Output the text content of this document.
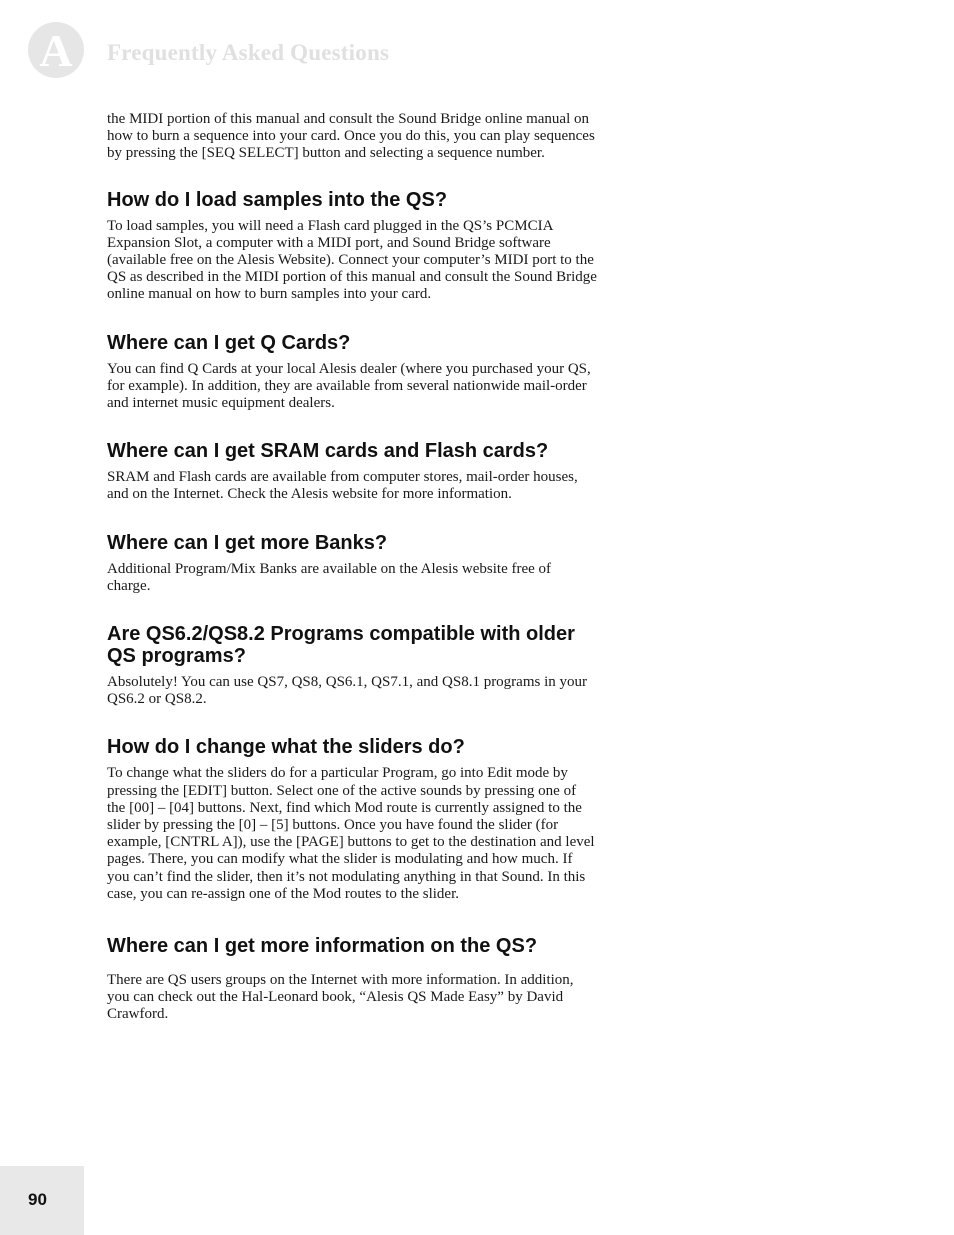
A Frequently Asked Questions

the MIDI portion of this manual and consult the Sound Bridge online manual on how to burn a sequence into your card. Once you do this, you can play sequences by pressing the [SEQ SELECT] button and selecting a sequence number.

How do I load samples into the QS?

To load samples, you will need a Flash card plugged in the QS’s PCMCIA Expansion Slot, a computer with a MIDI port, and Sound Bridge software (available free on the Alesis Website). Connect your computer’s MIDI port to the QS as described in the MIDI portion of this manual and consult the Sound Bridge online manual on how to burn samples into your card.

Where can I get Q Cards?

You can find Q Cards at your local Alesis dealer (where you purchased your QS, for example). In addition, they are available from several nationwide mail-order and internet music equipment dealers.

Where can I get SRAM cards and Flash cards?

SRAM and Flash cards are available from computer stores, mail-order houses, and on the Internet. Check the Alesis website for more information.

Where can I get more Banks?

Additional Program/Mix Banks are available on the Alesis website free of charge.

Are QS6.2/QS8.2 Programs compatible with older QS programs?

Absolutely! You can use QS7, QS8, QS6.1, QS7.1, and QS8.1 programs in your QS6.2 or QS8.2.

How do I change what the sliders do?

To change what the sliders do for a particular Program, go into Edit mode by pressing the [EDIT] button. Select one of the active sounds by pressing one of the [00] – [04] buttons. Next, find which Mod route is currently assigned to the slider by pressing the [0] – [5] buttons. Once you have found the slider (for example, [CNTRL A]), use the [PAGE] buttons to get to the destination and level pages. There, you can modify what the slider is modulating and how much. If you can’t find the slider, then it’s not modulating anything in that Sound. In this case, you can re-assign one of the Mod routes to the slider.

Where can I get more information on the QS?

There are QS users groups on the Internet with more information. In addition, you can check out the Hal-Leonard book, “Alesis QS Made Easy” by David Crawford.

90
